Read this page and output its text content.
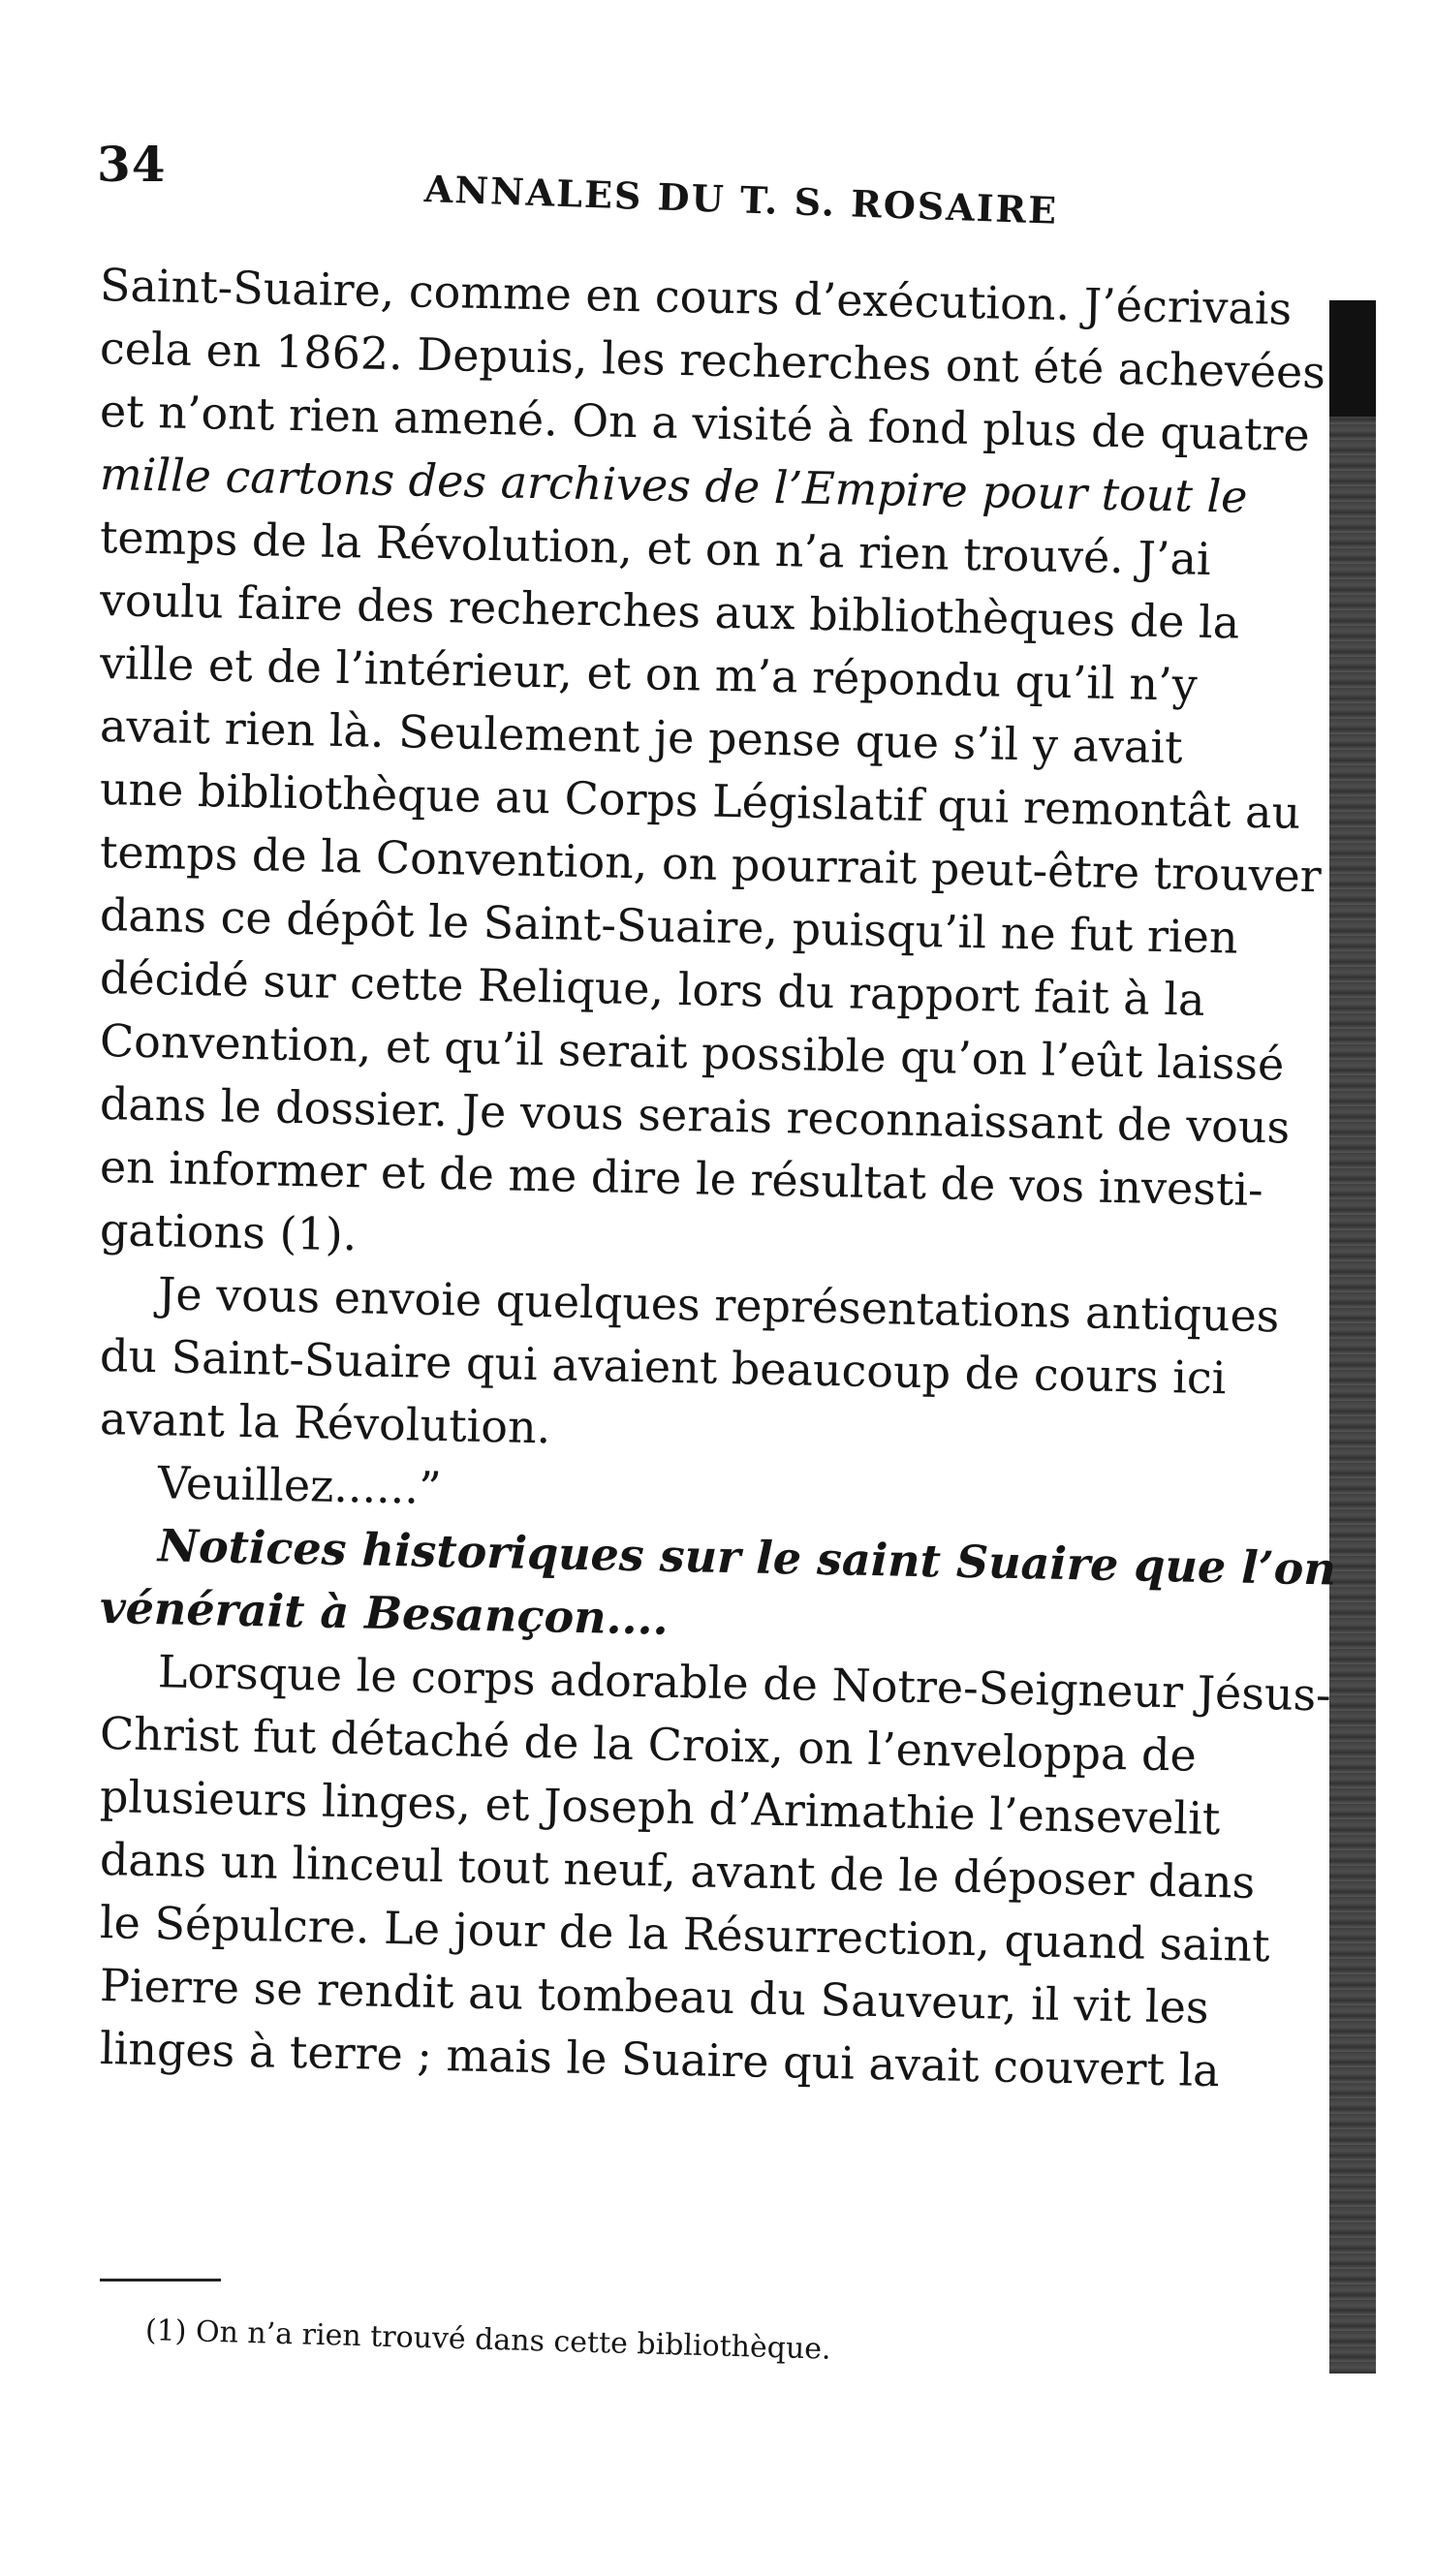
34
ANNALES DU T. S. ROSAIRE
Saint-Suaire, comme en cours d’exécution. J’écrivais
cela en 1862. Depuis, les recherches ont été achevées
et n’ont rien amené. On a visité à fond plus de quatre
mille cartons des archives de l’Empire pour tout le
temps de la Révolution, et on n’a rien trouvé. J’ai
voulu faire des recherches aux bibliothèques de la
ville et de l’intérieur, et on m’a répondu qu’il n’y
avait rien là. Seulement je pense que s’il y avait
une bibliothèque au Corps Législatif qui remontât au
temps de la Convention, on pourrait peut-être trouver
dans ce dépôt le Saint-Suaire, puisqu’il ne fut rien
décidé sur cette Relique, lors du rapport fait à la
Convention, et qu’il serait possible qu’on l’eût laissé
dans le dossier. Je vous serais reconnaissant de vous
en informer et de me dire le résultat de vos investi-
gations (1).
Je vous envoie quelques représentations antiques
du Saint-Suaire qui avaient beaucoup de cours ici
avant la Révolution.
Veuillez......”
Notices historiques sur le saint Suaire que l’on
vénérait à Besançon....
Lorsque le corps adorable de Notre-Seigneur Jésus-
Christ fut détaché de la Croix, on l’enveloppa de
plusieurs linges, et Joseph d’Arimathie l’ensevelit
dans un linceul tout neuf, avant de le déposer dans
le Sépulcre. Le jour de la Résurrection, quand saint
Pierre se rendit au tombeau du Sauveur, il vit les
linges à terre ; mais le Suaire qui avait couvert la
(1) On n’a rien trouvé dans cette bibliothèque.
